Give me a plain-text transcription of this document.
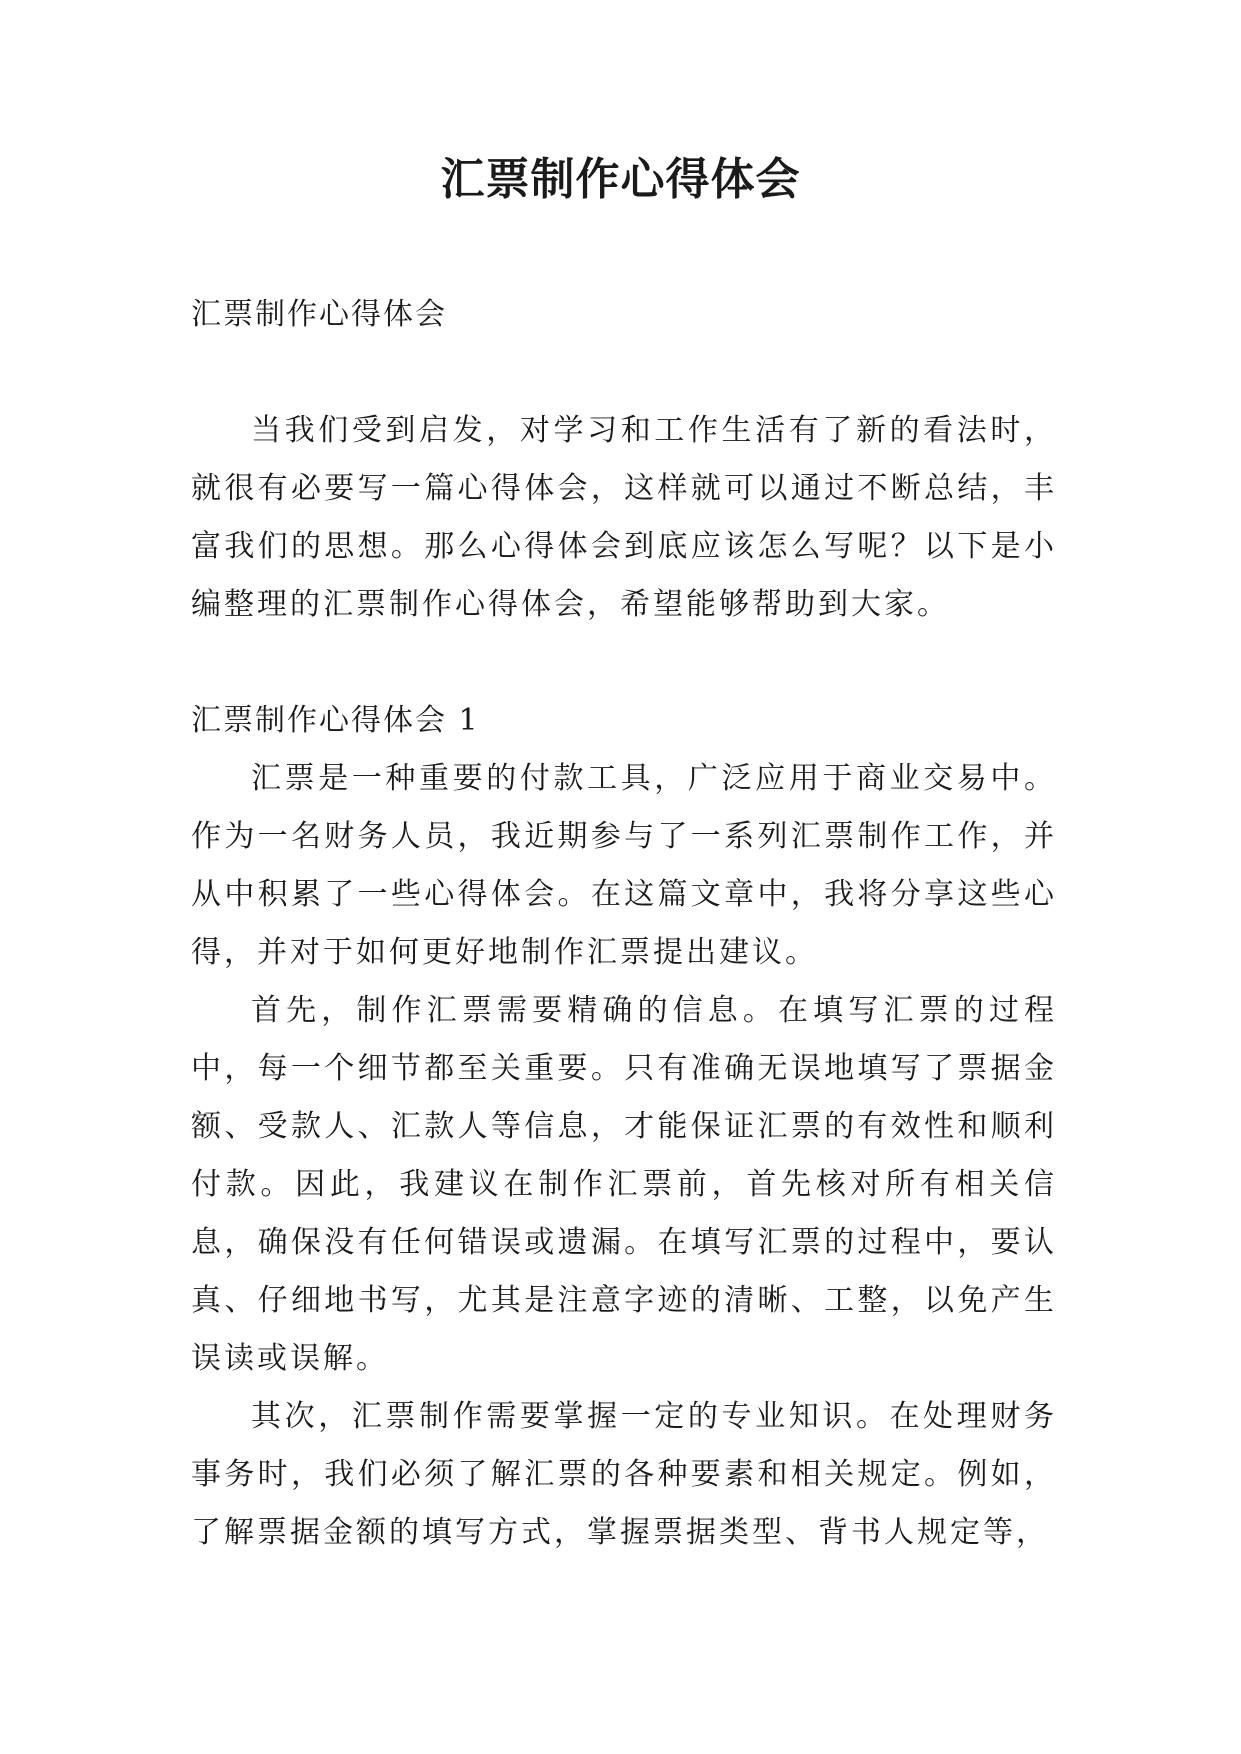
汇票制作心得体会

汇票制作心得体会

当我们受到启发，对学习和工作生活有了新的看法时，就很有必要写一篇心得体会，这样就可以通过不断总结，丰富我们的思想。那么心得体会到底应该怎么写呢？以下是小编整理的汇票制作心得体会，希望能够帮助到大家。

汇票制作心得体会 1

汇票是一种重要的付款工具，广泛应用于商业交易中。作为一名财务人员，我近期参与了一系列汇票制作工作，并从中积累了一些心得体会。在这篇文章中，我将分享这些心得，并对于如何更好地制作汇票提出建议。

首先，制作汇票需要精确的信息。在填写汇票的过程中，每一个细节都至关重要。只有准确无误地填写了票据金额、受款人、汇款人等信息，才能保证汇票的有效性和顺利付款。因此，我建议在制作汇票前，首先核对所有相关信息，确保没有任何错误或遗漏。在填写汇票的过程中，要认真、仔细地书写，尤其是注意字迹的清晰、工整，以免产生误读或误解。

其次，汇票制作需要掌握一定的专业知识。在处理财务事务时，我们必须了解汇票的各种要素和相关规定。例如，了解票据金额的填写方式，掌握票据类型、背书人规定等，
